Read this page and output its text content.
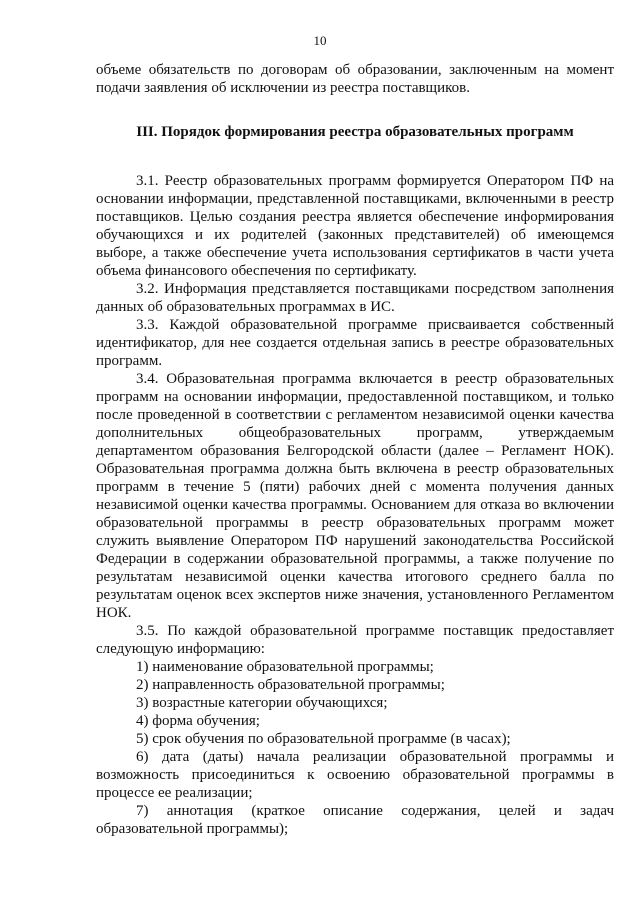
10

объеме обязательств по договорам об образовании, заключенным на момент подачи заявления об исключении из реестра поставщиков.

III. Порядок формирования реестра образовательных программ

3.1. Реестр образовательных программ формируется Оператором ПФ на основании информации, представленной поставщиками, включенными в реестр поставщиков. Целью создания реестра является обеспечение информирования обучающихся и их родителей (законных представителей) об имеющемся выборе, а также обеспечение учета использования сертификатов в части учета объема финансового обеспечения по сертификату.

3.2. Информация представляется поставщиками посредством заполнения данных об образовательных программах в ИС.

3.3. Каждой образовательной программе присваивается собственный идентификатор, для нее создается отдельная запись в реестре образовательных программ.

3.4. Образовательная программа включается в реестр образовательных программ на основании информации, предоставленной поставщиком, и только после проведенной в соответствии с регламентом независимой оценки качества дополнительных общеобразовательных программ, утверждаемым департаментом образования Белгородской области (далее – Регламент НОК). Образовательная программа должна быть включена в реестр образовательных программ в течение 5 (пяти) рабочих дней с момента получения данных независимой оценки качества программы. Основанием для отказа во включении образовательной программы в реестр образовательных программ может служить выявление Оператором ПФ нарушений законодательства Российской Федерации в содержании образовательной программы, а также получение по результатам независимой оценки качества итогового среднего балла по результатам оценок всех экспертов ниже значения, установленного Регламентом НОК.

3.5. По каждой образовательной программе поставщик предоставляет следующую информацию:

1) наименование образовательной программы;

2) направленность образовательной программы;

3) возрастные категории обучающихся;

4) форма обучения;

5) срок обучения по образовательной программе (в часах);

6) дата (даты) начала реализации образовательной программы и возможность присоединиться к освоению образовательной программы в процессе ее реализации;

7) аннотация (краткое описание содержания, целей и задач образовательной программы);
